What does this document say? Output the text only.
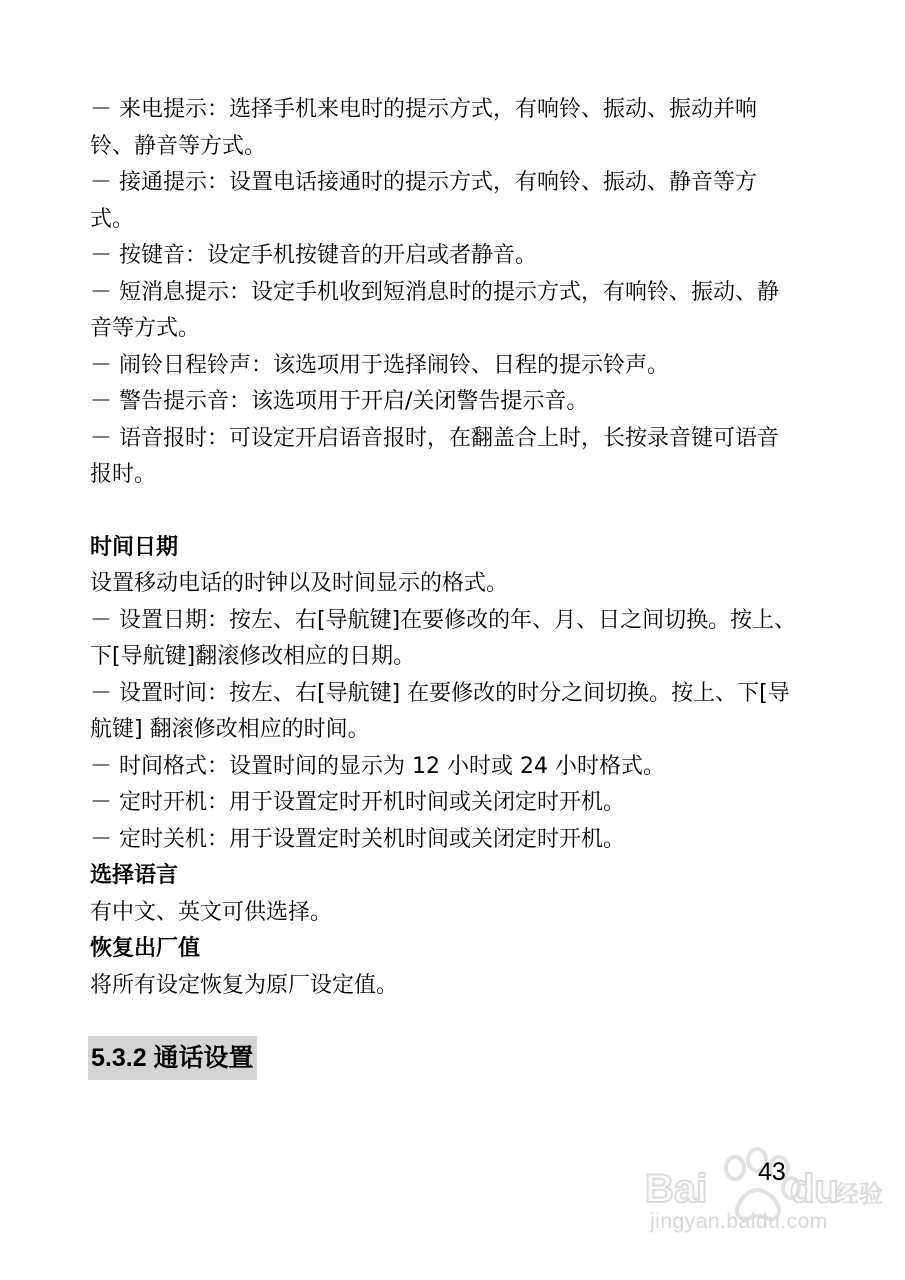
－ 来电提示：选择手机来电时的提示方式，有响铃、振动、振动并响铃、静音等方式。

－ 接通提示：设置电话接通时的提示方式，有响铃、振动、静音等方式。

－ 按键音：设定手机按键音的开启或者静音。

－ 短消息提示：设定手机收到短消息时的提示方式，有响铃、振动、静音等方式。

－ 闹铃日程铃声：该选项用于选择闹铃、日程的提示铃声。

－ 警告提示音：该选项用于开启/关闭警告提示音。

－ 语音报时：可设定开启语音报时，在翻盖合上时，长按录音键可语音报时。

时间日期

设置移动电话的时钟以及时间显示的格式。

－ 设置日期：按左、右[导航键]在要修改的年、月、日之间切换。按上、下[导航键]翻滚修改相应的日期。

－ 设置时间：按左、右[导航键] 在要修改的时分之间切换。按上、下[导航键] 翻滚修改相应的时间。

－ 时间格式：设置时间的显示为 12 小时或 24 小时格式。

－ 定时开机：用于设置定时开机时间或关闭定时开机。

－ 定时关机：用于设置定时关机时间或关闭定时开机。

选择语言

有中文、英文可供选择。

恢复出厂值

将所有设定恢复为原厂设定值。

5.3.2 通话设置
Bai du
经验
43
jingyan.baidu.com
